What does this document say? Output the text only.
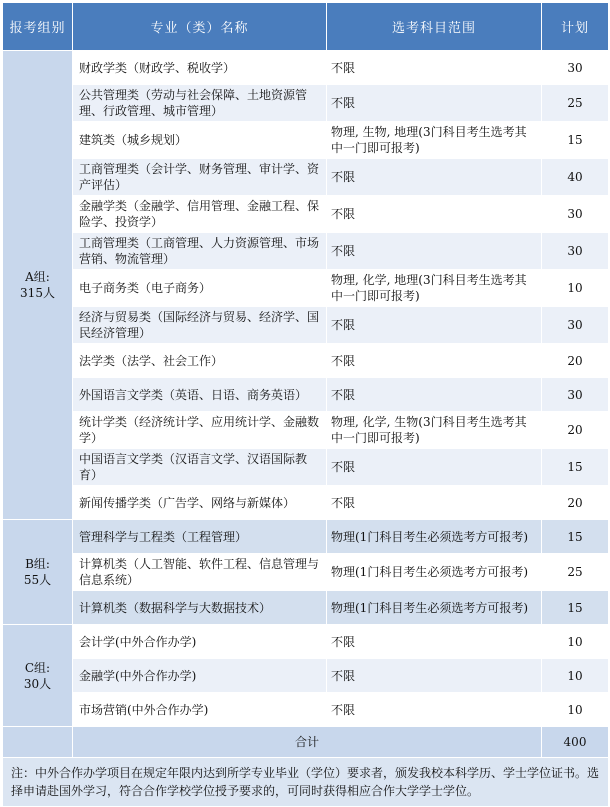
报考组别	专业（类）名称	选考科目范围	计划
A组:
315人	财政学类（财政学、税收学）	不限	30
	公共管理类（劳动与社会保障、土地资源管理、行政管理、城市管理）	不限	25
	建筑类（城乡规划）	物理, 生物, 地理(3门科目考生选考其中一门即可报考)	15
	工商管理类（会计学、财务管理、审计学、资产评估）	不限	40
	金融学类（金融学、信用管理、金融工程、保险学、投资学）	不限	30
	工商管理类（工商管理、人力资源管理、市场营销、物流管理）	不限	30
	电子商务类（电子商务）	物理, 化学, 地理(3门科目考生选考其中一门即可报考)	10
	经济与贸易类（国际经济与贸易、经济学、国民经济管理）	不限	30
	法学类（法学、社会工作）	不限	20
	外国语言文学类（英语、日语、商务英语）	不限	30
	统计学类（经济统计学、应用统计学、金融数学）	物理, 化学, 生物(3门科目考生选考其中一门即可报考)	20
	中国语言文学类（汉语言文学、汉语国际教育）	不限	15
	新闻传播学类（广告学、网络与新媒体）	不限	20
B组:
55人	管理科学与工程类（工程管理）	物理(1门科目考生必须选考方可报考)	15
	计算机类（人工智能、软件工程、信息管理与信息系统）	物理(1门科目考生必须选考方可报考)	25
	计算机类（数据科学与大数据技术）	物理(1门科目考生必须选考方可报考)	15
C组:
30人	会计学(中外合作办学)	不限	10
	金融学(中外合作办学)	不限	10
	市场营销(中外合作办学)	不限	10
	合计		400
注：中外合作办学项目在规定年限内达到所学专业毕业（学位）要求者，颁发我校本科学历、学士学位证书。选择申请赴国外学习，符合合作学校学位授予要求的，可同时获得相应合作大学学士学位。			
